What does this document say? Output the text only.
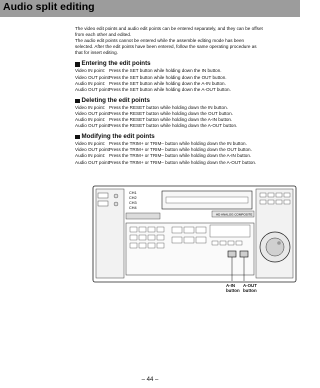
Audio split editing

The video edit points and audio edit points can be entered separately, and they can be offset

from each other and edited.

The audio edit points cannot be entered while the assemble editing mode has been

selected. After the edit points have been entered, follow the same operating procedure as

that for insert editing.

Entering the edit points
Video IN point: Press the SET button while holding down the IN button.
Video OUT point:
Press the SET button while holding down the OUT button.
Audio IN point: Press the SET button while holding down the A-IN button.
Audio OUT point:
Press the SET button while holding down the A-OUT button.
Deleting the edit points
Video IN point: Press the RESET button while holding down the IN button.
Video OUT point:
Press the RESET button while holding down the OUT button.
Audio IN point: Press the RESET button while holding down the A-IN button.
Audio OUT point:
Press the RESET button while holding down the A-OUT button.
Modifying the edit points
Video IN point: Press the TRIM+ or TRIM– button while holding down the IN button.
Video OUT point:
Press the TRIM+ or TRIM– button while holding down the OUT button.
Audio IN point: Press the TRIM+ or TRIM– button while holding down the A-IN button.
Audio OUT point:
Press the TRIM+ or TRIM– button while holding down the A-OUT button.
CH1
CH2
CH3
CH4
HD ANALOG COMPOSITE
A-IN
button
A-OUT
button
– 44 –
